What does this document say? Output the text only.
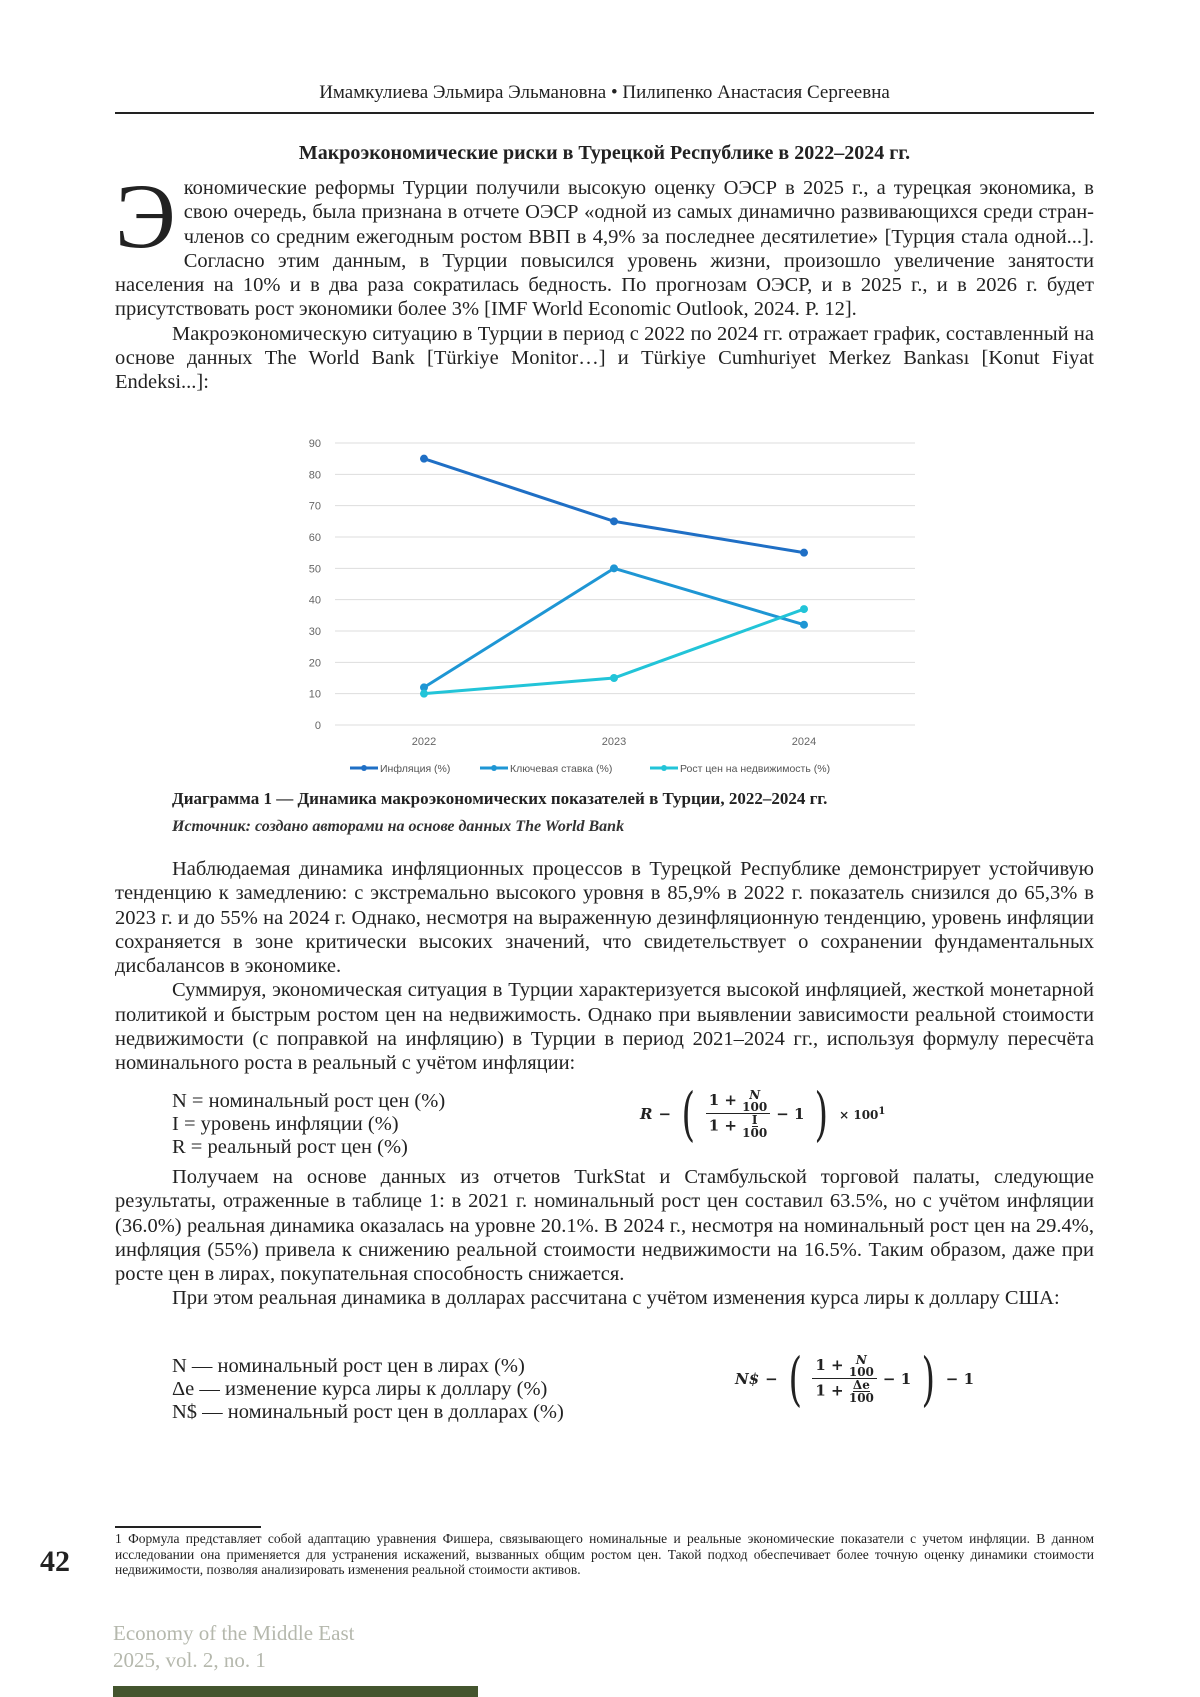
Имамкулиева Эльмира Эльмановна • Пилипенко Анастасия Сергеевна
Макроэкономические риски в Турецкой Республике в 2022–2024 гг.

Э кономические реформы Турции получили высокую оценку ОЭСР в 2025 г., а турецкая экономика, в свою очередь, была признана в отчете ОЭСР «одной из самых динамично развивающихся среди стран-членов со средним ежегодным ростом ВВП в 4,9% за последнее десятилетие» [Турция стала одной...]. Согласно этим данным, в Турции повысился уровень жизни, произошло увеличение занятости населения на 10% и в два раза сократилась бедность. По прогнозам ОЭСР, и в 2025 г., и в 2026 г. будет присутствовать рост экономики более 3% [IMF World Economic Outlook, 2024. P. 12].

Макроэкономическую ситуацию в Турции в период с 2022 по 2024 гг. отражает график, составленный на основе данных The World Bank [Türkiye Monitor…] и Türkiye Cumhuriyet Merkez Bankası [Konut Fiyat Endeksi...]:

0
10
20
30
40
50
60
70
80
90
2022	2023	2024
Инфляция (%)	Ключевая ставка (%)	Рост цен на недвижимость (%)
Диаграмма 1 — Динамика макроэкономических показателей в Турции, 2022–2024 гг.
Источник: создано авторами на основе данных The World Bank

Наблюдаемая динамика инфляционных процессов в Турецкой Республике демонстрирует устойчивую тенденцию к замедлению: с экстремально высокого уровня в 85,9% в 2022 г. показатель снизился до 65,3% в 2023 г. и до 55% на 2024 г. Однако, несмотря на выраженную дезинфляционную тенденцию, уровень инфляции сохраняется в зоне критически высоких значений, что свидетельствует о сохранении фундаментальных дисбалансов в экономике.

Суммируя, экономическая ситуация в Турции характеризуется высокой инфляцией, жесткой монетарной политикой и быстрым ростом цен на недвижимость. Однако при выявлении зависимости реальной стоимости недвижимости (с поправкой на инфляцию) в Турции в период 2021–2024 гг., используя формулу пересчёта номинального роста в реальный с учётом инфляции:

N = номинальный рост цен (%)
I = уровень инфляции (%)
R = реальный рост цен (%)
R − ( 1 + N
100
1 + I
100
− 1 ) × 1001

Получаем на основе данных из отчетов TurkStat и Стамбульской торговой палаты, следующие результаты, отраженные в таблице 1: в 2021 г. номинальный рост цен составил 63.5%, но с учётом инфляции (36.0%) реальная динамика оказалась на уровне 20.1%. В 2024 г., несмотря на номинальный рост цен на 29.4%, инфляция (55%) привела к снижению реальной стоимости недвижимости на 16.5%. Таким образом, даже при росте цен в лирах, покупательная способность снижается.

При этом реальная динамика в долларах рассчитана с учётом изменения курса лиры к доллару США:

N — номинальный рост цен в лирах (%)
Δe — изменение курса лиры к доллару (%)
N$ — номинальный рост цен в долларах (%)
N$ − ( 1 + N
100
1 + Δe
100
− 1 ) − 1
1 Формула представляет собой адаптацию уравнения Фишера, связывающего номинальные и реальные экономические показатели с учетом инфляции. В данном исследовании она применяется для устранения искажений, вызванных общим ростом цен. Такой подход обеспечивает более точную оценку динамики стоимости недвижимости, позволяя анализировать изменения реальной стоимости активов.
42
Economy of the Middle East
2025, vol. 2, no. 1
